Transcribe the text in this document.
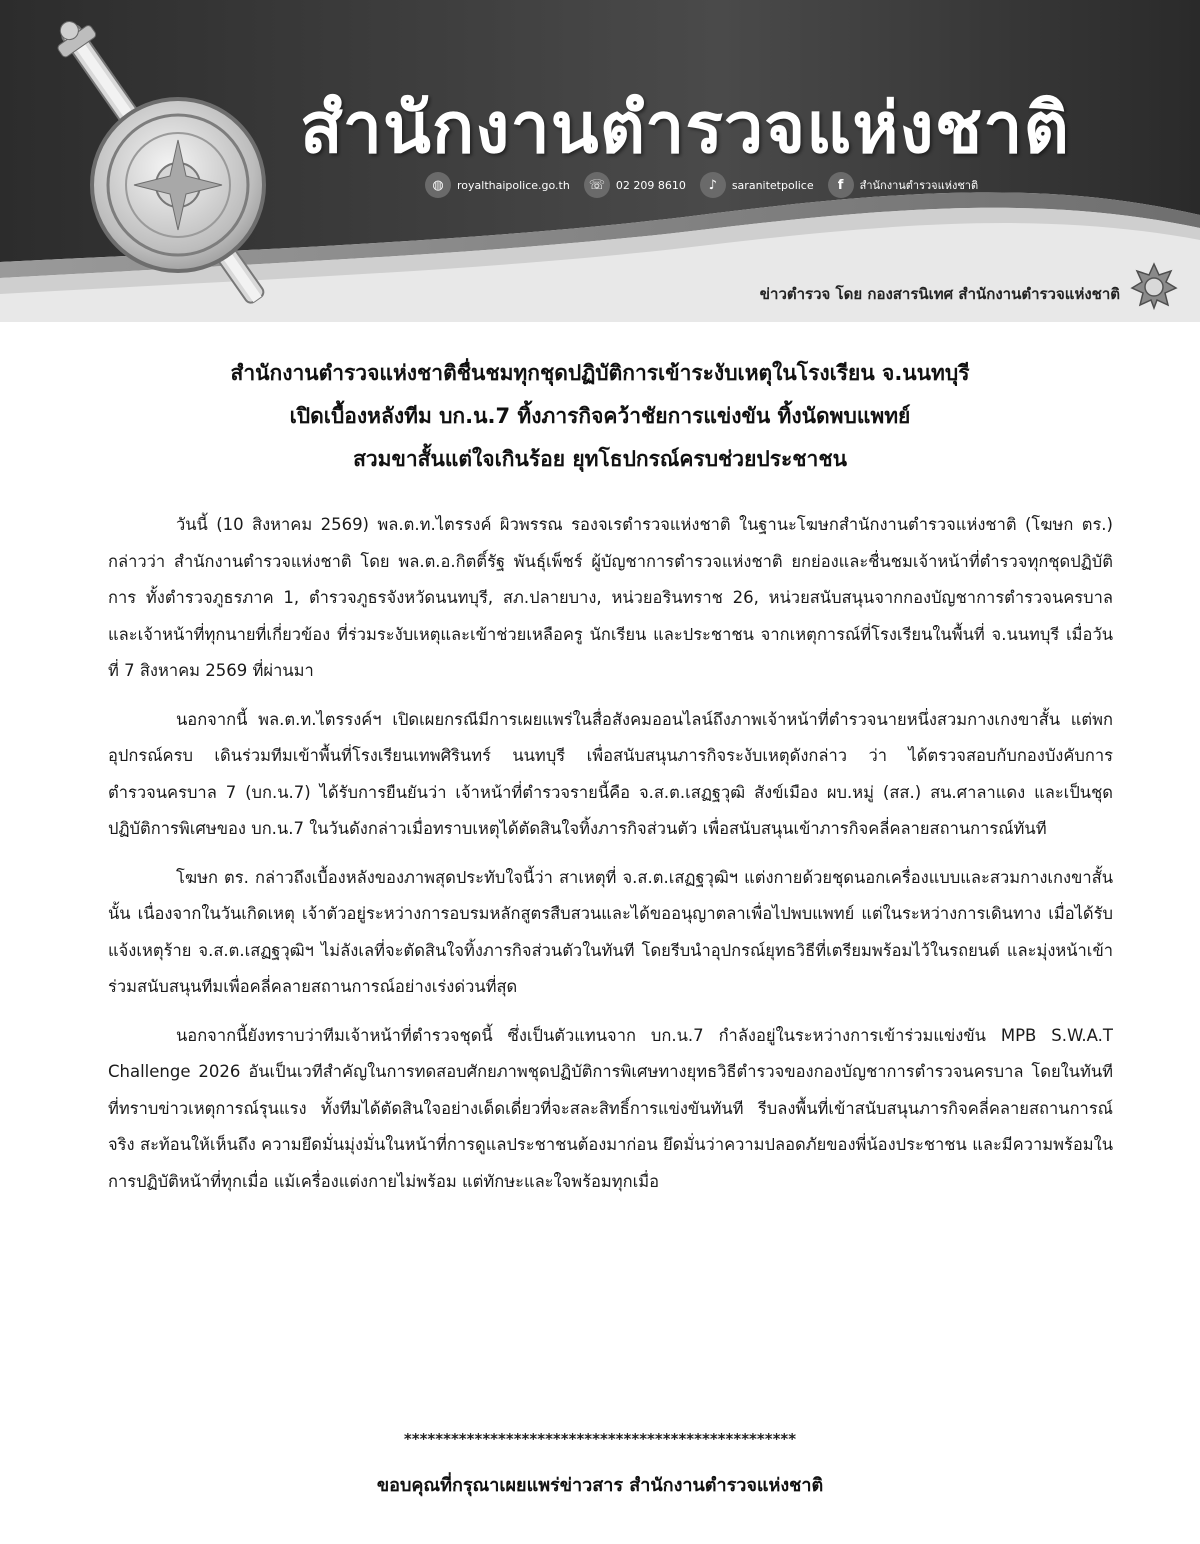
สำนักงานตำรวจแห่งชาติ
◍	royalthaipolice.go.th	☏ 02 209 8610	♪	saranitetpolice	f	สำนักงานตำรวจแห่งชาติ
ข่าวตำรวจ โดย กองสารนิเทศ สำนักงานตำรวจแห่งชาติ
สำนักงานตำรวจแห่งชาติชื่นชมทุกชุดปฏิบัติการเข้าระงับเหตุในโรงเรียน จ.นนทบุรี
เปิดเบื้องหลังทีม บก.น.7 ทิ้งภารกิจคว้าชัยการแข่งขัน ทิ้งนัดพบแพทย์
สวมขาสั้นแต่ใจเกินร้อย ยุทโธปกรณ์ครบช่วยประชาชน

วันนี้ (10 สิงหาคม 2569) พล.ต.ท.ไตรรงค์ ผิวพรรณ รองจเรตำรวจแห่งชาติ ในฐานะโฆษกสำนักงานตำรวจแห่งชาติ (โฆษก ตร.) กล่าวว่า สำนักงานตำรวจแห่งชาติ โดย พล.ต.อ.กิตติ์รัฐ พันธุ์เพ็ชร์ ผู้บัญชาการตำรวจแห่งชาติ ยกย่องและชื่นชมเจ้าหน้าที่ตำรวจทุกชุดปฏิบัติการ ทั้งตำรวจภูธรภาค 1, ตำรวจภูธรจังหวัดนนทบุรี, สภ.ปลายบาง, หน่วยอรินทราช 26, หน่วยสนับสนุนจากกองบัญชาการตำรวจนครบาล และเจ้าหน้าที่ทุกนายที่เกี่ยวข้อง ที่ร่วมระงับเหตุและเข้าช่วยเหลือครู นักเรียน และประชาชน จากเหตุการณ์ที่โรงเรียนในพื้นที่ จ.นนทบุรี เมื่อวันที่ 7 สิงหาคม 2569 ที่ผ่านมา

นอกจากนี้ พล.ต.ท.ไตรรงค์ฯ เปิดเผยกรณีมีการเผยแพร่ในสื่อสังคมออนไลน์ถึงภาพเจ้าหน้าที่ตำรวจนายหนึ่งสวมกางเกงขาสั้น แต่พกอุปกรณ์ครบ เดินร่วมทีมเข้าพื้นที่โรงเรียนเทพศิรินทร์ นนทบุรี เพื่อสนับสนุนภารกิจระงับเหตุดังกล่าว ว่า ได้ตรวจสอบกับกองบังคับการตำรวจนครบาล 7 (บก.น.7) ได้รับการยืนยันว่า เจ้าหน้าที่ตำรวจรายนี้คือ จ.ส.ต.เสฏฐวุฒิ สังข์เมือง ผบ.หมู่ (สส.) สน.ศาลาแดง และเป็นชุดปฏิบัติการพิเศษของ บก.น.7 ในวันดังกล่าวเมื่อทราบเหตุได้ตัดสินใจทิ้งภารกิจส่วนตัว เพื่อสนับสนุนเข้าภารกิจคลี่คลายสถานการณ์ทันที

โฆษก ตร. กล่าวถึงเบื้องหลังของภาพสุดประทับใจนี้ว่า สาเหตุที่ จ.ส.ต.เสฏฐวุฒิฯ แต่งกายด้วยชุดนอกเครื่องแบบและสวมกางเกงขาสั้นนั้น เนื่องจากในวันเกิดเหตุ เจ้าตัวอยู่ระหว่างการอบรมหลักสูตรสืบสวนและได้ขออนุญาตลาเพื่อไปพบแพทย์ แต่ในระหว่างการเดินทาง เมื่อได้รับแจ้งเหตุร้าย จ.ส.ต.เสฏฐวุฒิฯ ไม่ลังเลที่จะตัดสินใจทิ้งภารกิจส่วนตัวในทันที โดยรีบนำอุปกรณ์ยุทธวิธีที่เตรียมพร้อมไว้ในรถยนต์ และมุ่งหน้าเข้าร่วมสนับสนุนทีมเพื่อคลี่คลายสถานการณ์อย่างเร่งด่วนที่สุด

นอกจากนี้ยังทราบว่าทีมเจ้าหน้าที่ตำรวจชุดนี้ ซึ่งเป็นตัวแทนจาก บก.น.7 กำลังอยู่ในระหว่างการเข้าร่วมแข่งขัน MPB S.W.A.T Challenge 2026 อันเป็นเวทีสำคัญในการทดสอบศักยภาพชุดปฏิบัติการพิเศษทางยุทธวิธีตำรวจของกองบัญชาการตำรวจนครบาล โดยในทันทีที่ทราบข่าวเหตุการณ์รุนแรง ทั้งทีมได้ตัดสินใจอย่างเด็ดเดี่ยวที่จะสละสิทธิ์การแข่งขันทันที รีบลงพื้นที่เข้าสนับสนุนภารกิจคลี่คลายสถานการณ์จริง สะท้อนให้เห็นถึง ความยึดมั่นมุ่งมั่นในหน้าที่การดูแลประชาชนต้องมาก่อน ยึดมั่นว่าความปลอดภัยของพี่น้องประชาชน และมีความพร้อมในการปฏิบัติหน้าที่ทุกเมื่อ แม้เครื่องแต่งกายไม่พร้อม แต่ทักษะและใจพร้อมทุกเมื่อ

**************************************************
ขอบคุณที่กรุณาเผยแพร่ข่าวสาร สำนักงานตำรวจแห่งชาติ
